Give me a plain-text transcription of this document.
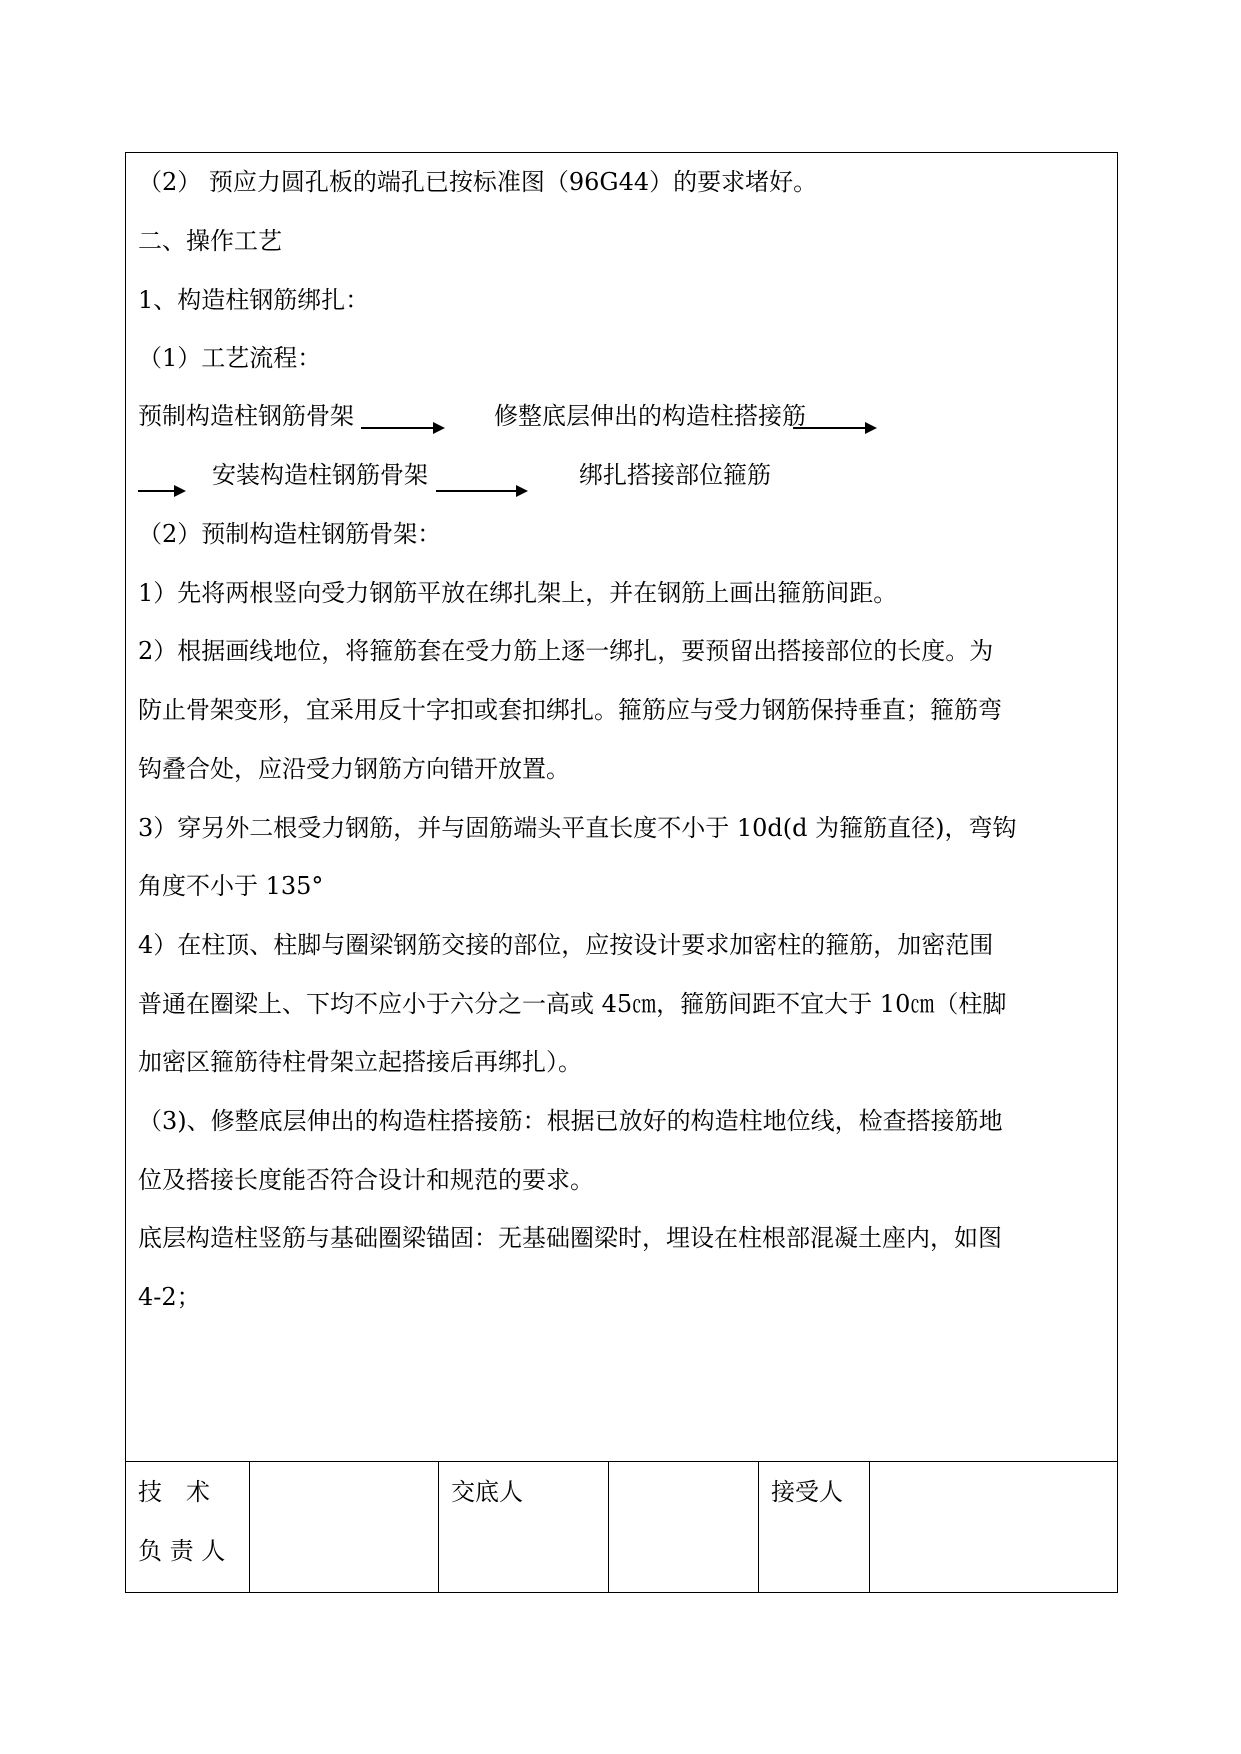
（2） 预应力圆孔板的端孔已按标准图（96G44）的要求堵好。
二、操作工艺
1、构造柱钢筋绑扎：
（1）工艺流程：
预制构造柱钢筋骨架	修整底层伸出的构造柱搭接筋
安装构造柱钢筋骨架	绑扎搭接部位箍筋
（2）预制构造柱钢筋骨架：
1）先将两根竖向受力钢筋平放在绑扎架上，并在钢筋上画出箍筋间距。
2）根据画线地位，将箍筋套在受力筋上逐一绑扎，要预留出搭接部位的长度。为
防止骨架变形，宜采用反十字扣或套扣绑扎。箍筋应与受力钢筋保持垂直；箍筋弯
钩叠合处，应沿受力钢筋方向错开放置。
3）穿另外二根受力钢筋，并与固筋端头平直长度不小于 10d(d 为箍筋直径)，弯钩
角度不小于 135°
4）在柱顶、柱脚与圈梁钢筋交接的部位，应按设计要求加密柱的箍筋，加密范围
普通在圈梁上、下均不应小于六分之一高或 45㎝，箍筋间距不宜大于 10㎝（柱脚
加密区箍筋待柱骨架立起搭接后再绑扎）。
（3)、修整底层伸出的构造柱搭接筋：根据已放好的构造柱地位线，检查搭接筋地
位及搭接长度能否符合设计和规范的要求。
底层构造柱竖筋与基础圈梁锚固：无基础圈梁时，埋设在柱根部混凝土座内，如图
4-2；
技　术
负 责 人
交底人	接受人
